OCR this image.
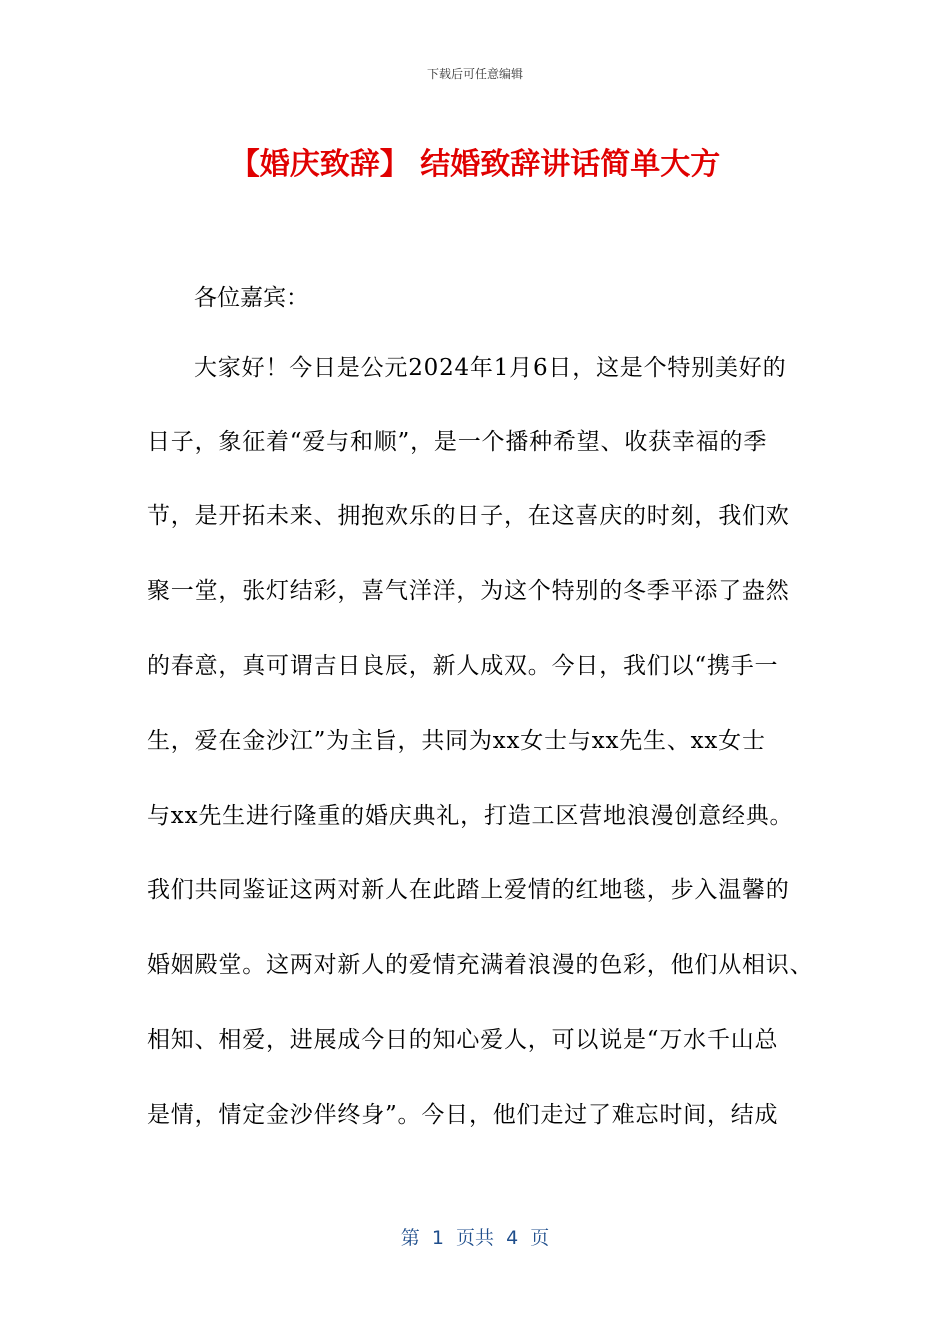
下载后可任意编辑
【婚庆致辞】 结婚致辞讲话简单大方
各位嘉宾：
大家好！今日是公元2024年1月6日，这是个特别美好的
日子，象征着“爱与和顺”，是一个播种希望、收获幸福的季
节，是开拓未来、拥抱欢乐的日子，在这喜庆的时刻，我们欢
聚一堂，张灯结彩，喜气洋洋，为这个特别的冬季平添了盎然
的春意，真可谓吉日良辰，新人成双。今日，我们以“携手一
生，爱在金沙江”为主旨，共同为xx女士与xx先生、xx女士
与xx先生进行隆重的婚庆典礼，打造工区营地浪漫创意经典。
我们共同鉴证这两对新人在此踏上爱情的红地毯，步入温馨的
婚姻殿堂。这两对新人的爱情充满着浪漫的色彩，他们从相识、
相知、相爱，进展成今日的知心爱人，可以说是“万水千山总
是情，情定金沙伴终身”。今日，他们走过了难忘时间，结成
第  1  页共  4  页
